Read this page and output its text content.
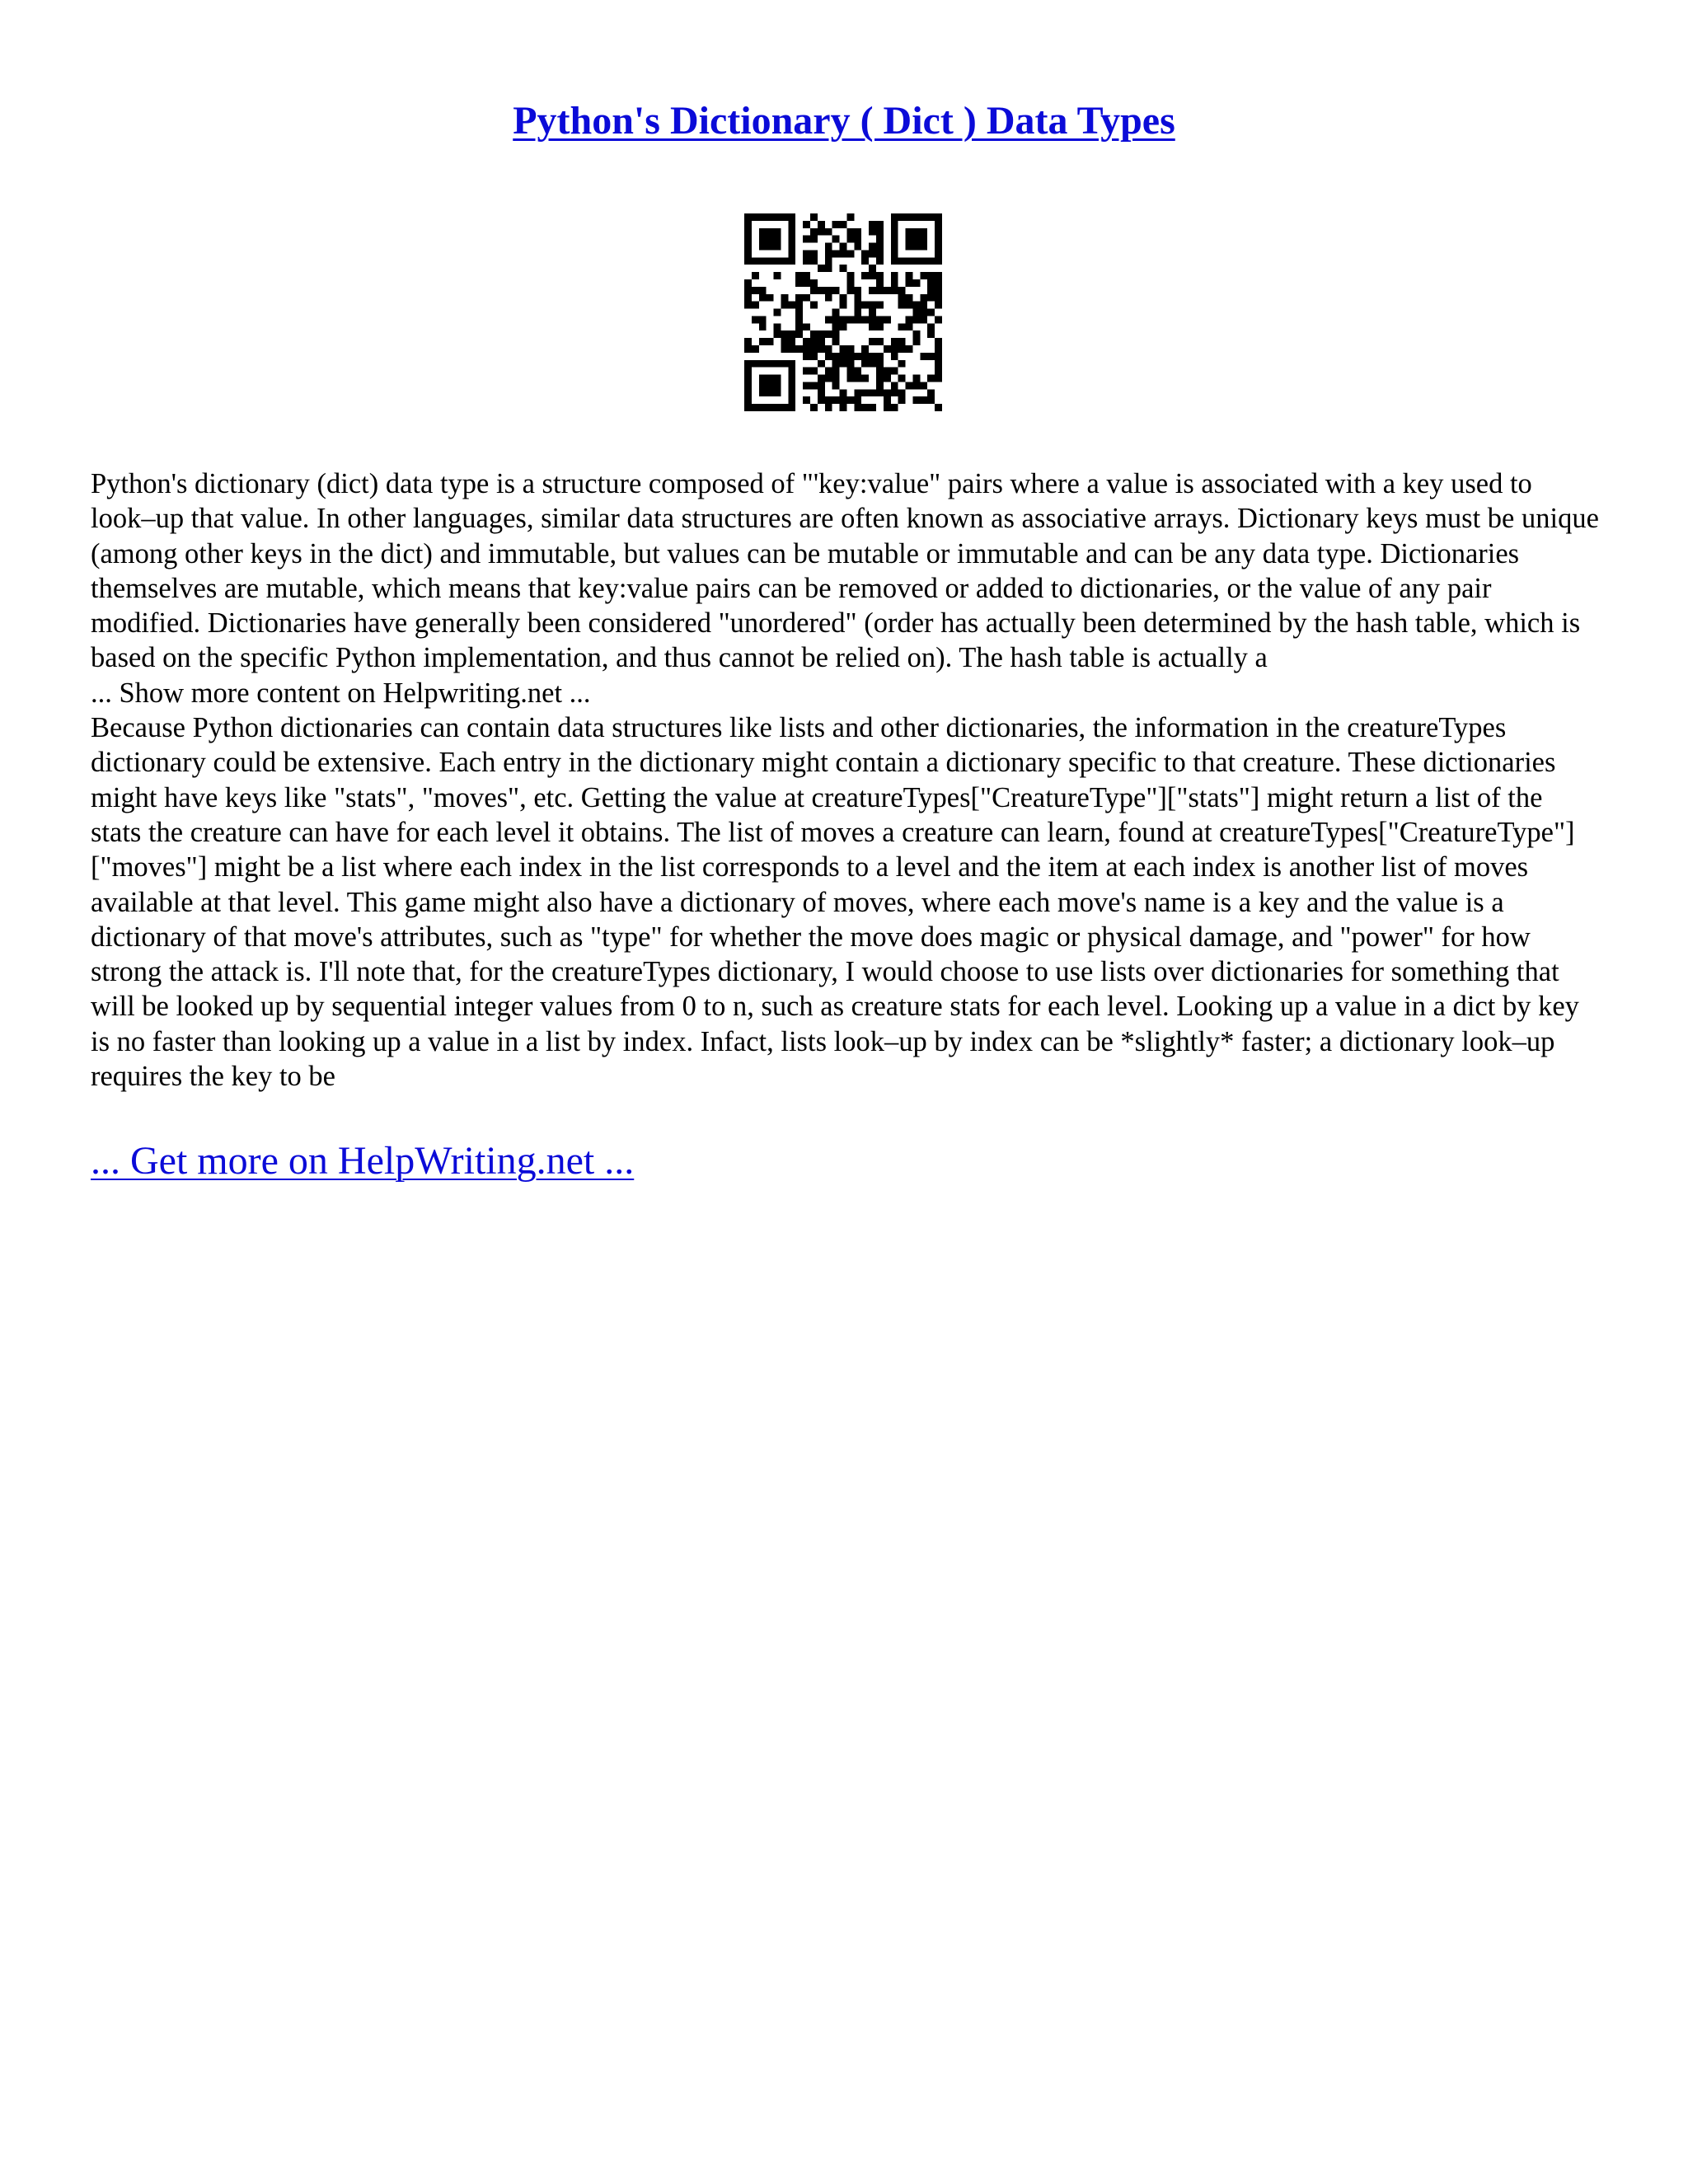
Python's Dictionary ( Dict ) Data Types

Python's dictionary (dict) data type is a structure composed of "'key:value" pairs where a value is associated with a key used to look–up that value. In other languages, similar data structures are often known as associative arrays. Dictionary keys must be unique (among other keys in the dict) and immutable, but values can be mutable or immutable and can be any data type. Dictionaries themselves are mutable, which means that key:value pairs can be removed or added to dictionaries, or the value of any pair modified. Dictionaries have generally been considered "unordered" (order has actually been determined by the hash table, which is based on the specific Python implementation, and thus cannot be relied on). The hash table is actually a
... Show more content on Helpwriting.net ...

Because Python dictionaries can contain data structures like lists and other dictionaries, the information in the creatureTypes dictionary could be extensive. Each entry in the dictionary might contain a dictionary specific to that creature. These dictionaries might have keys like "stats", "moves", etc. Getting the value at creatureTypes["CreatureType"]["stats"] might return a list of the stats the creature can have for each level it obtains. The list of moves a creature can learn, found at creatureTypes["CreatureType"]["moves"] might be a list where each index in the list corresponds to a level and the item at each index is another list of moves available at that level. This game might also have a dictionary of moves, where each move's name is a key and the value is a dictionary of that move's attributes, such as "type" for whether the move does magic or physical damage, and "power" for how strong the attack is. I'll note that, for the creatureTypes dictionary, I would choose to use lists over dictionaries for something that will be looked up by sequential integer values from 0 to n, such as creature stats for each level. Looking up a value in a dict by key is no faster than looking up a value in a list by index. Infact, lists look–up by index can be *slightly* faster; a dictionary look–up requires the key to be

... Get more on HelpWriting.net ...
